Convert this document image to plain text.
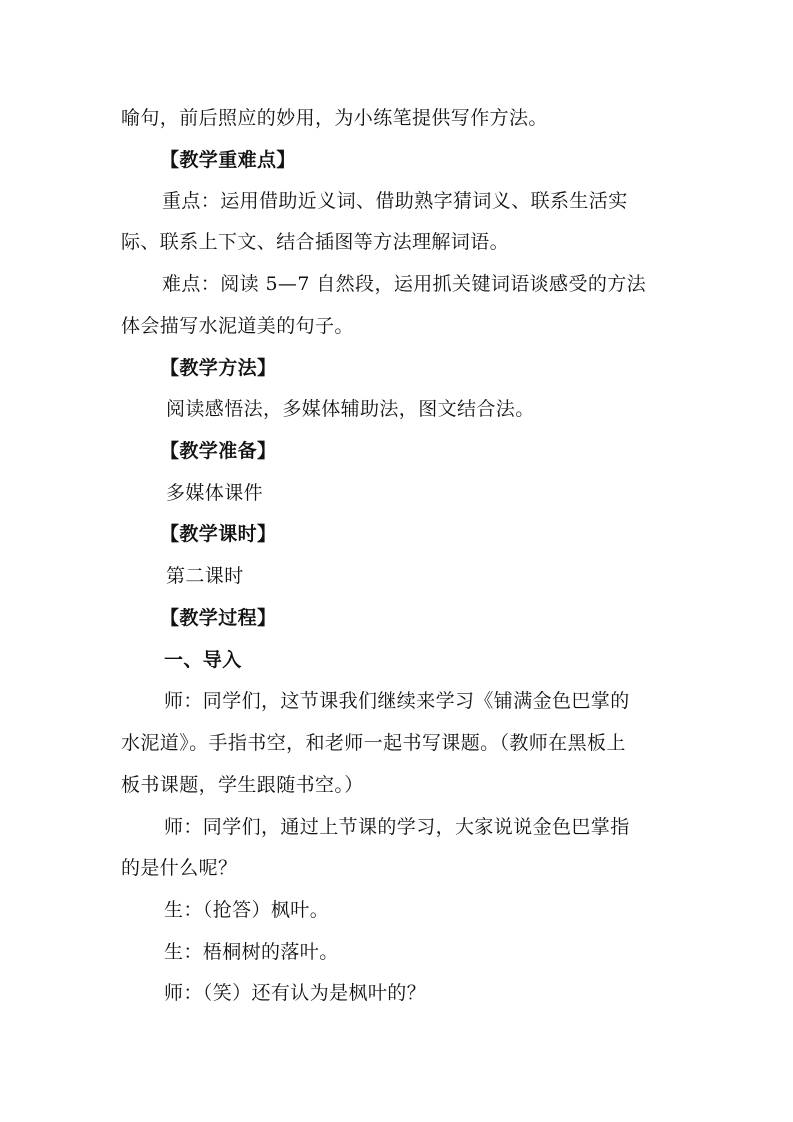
喻句，前后照应的妙用，为小练笔提供写作方法。

【教学重难点】

重点：运用借助近义词、借助熟字猜词义、联系生活实

际、联系上下文、结合插图等方法理解词语。

难点：阅读 5—7 自然段，运用抓关键词语谈感受的方法

体会描写水泥道美的句子。

【教学方法】

阅读感悟法，多媒体辅助法，图文结合法。

【教学准备】

多媒体课件

【教学课时】

第二课时

【教学过程】

一、导入

师：同学们，这节课我们继续来学习《铺满金色巴掌的

水泥道》。手指书空，和老师一起书写课题。（教师在黑板上

板书课题，学生跟随书空。）

师：同学们，通过上节课的学习，大家说说金色巴掌指

的是什么呢？

生：（抢答）枫叶。

生：梧桐树的落叶。

师：（笑）还有认为是枫叶的？
